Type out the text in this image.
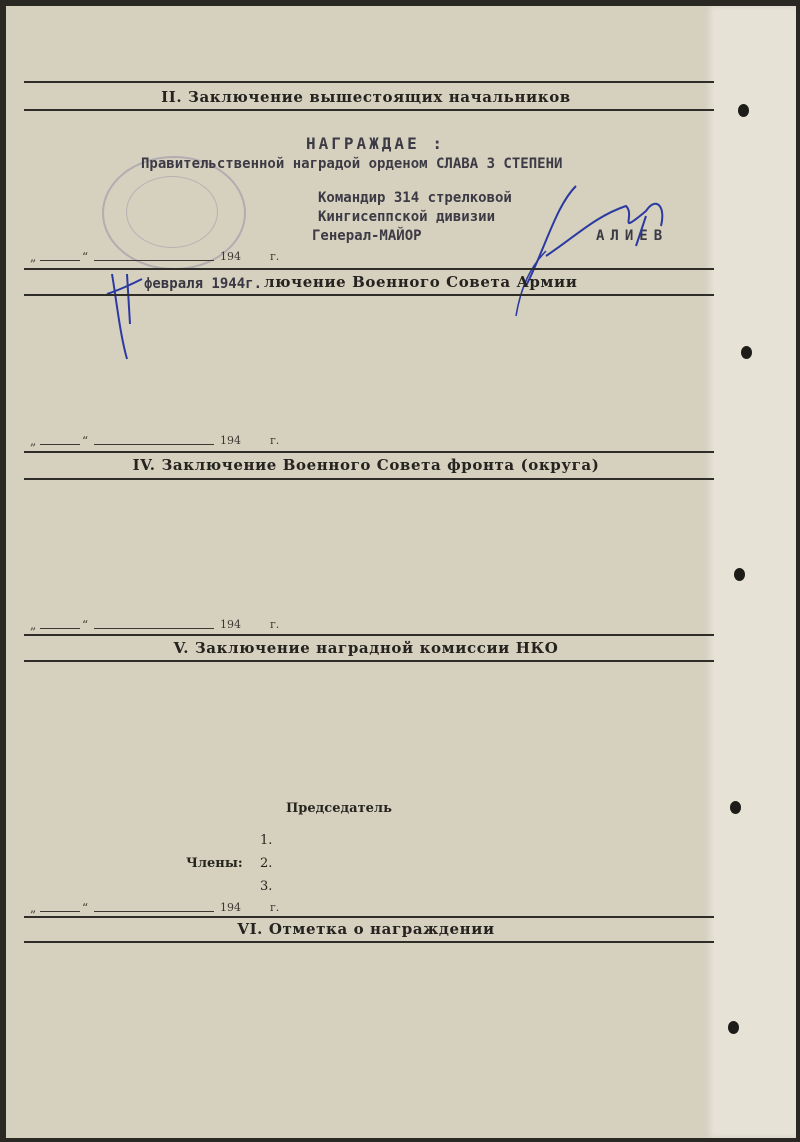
II. Заключение вышестоящих начальников
НАГРАЖДАЕ :
Правительственной наградой орденом СЛАВА 3 СТЕПЕНИ
Командир 314 стрелковой
Кингисеппской дивизии
Генерал-МАЙОР	АЛИЕВ
„	“	194	г.
февраля 1944г. лючение Военного Совета Армии
„	“	194	г.
IV. Заключение Военного Совета фронта (округа)
„	“	194	г.
V. Заключение наградной комиссии НКО
Председатель
1.
Члены: 2.
3.
„	“	194	г.
VI. Отметка о награждении
